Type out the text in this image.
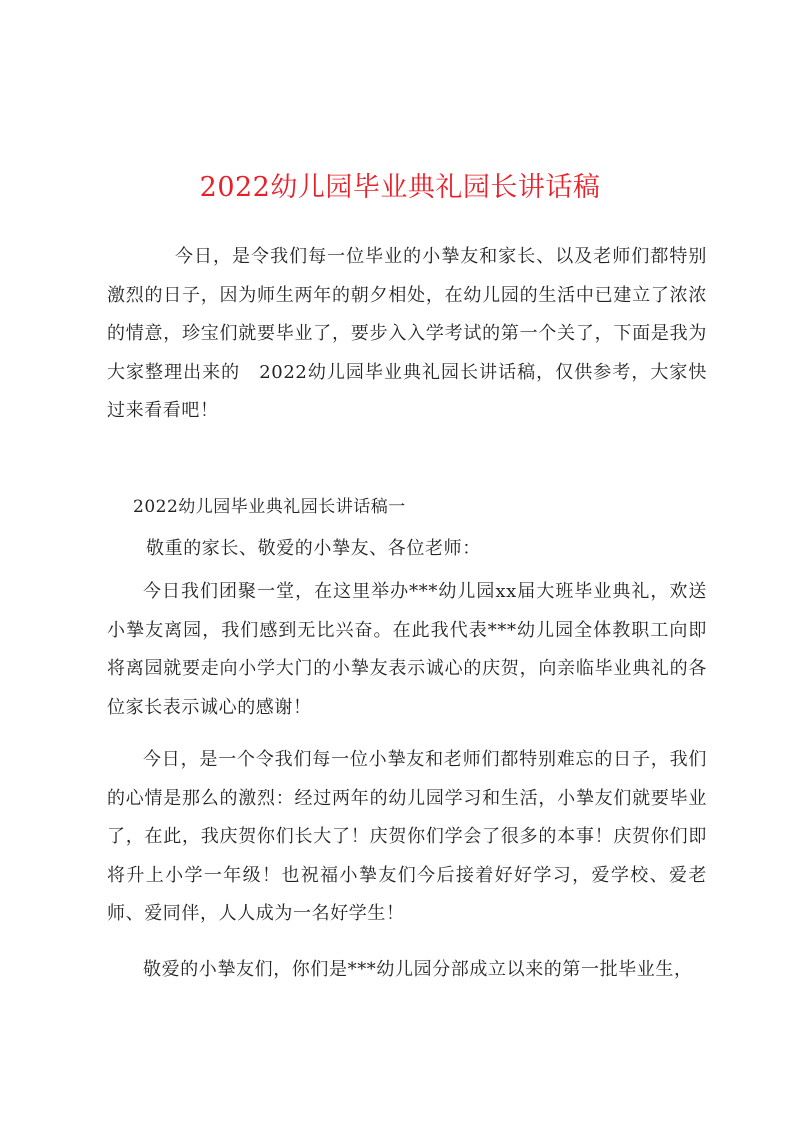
2022幼儿园毕业典礼园长讲话稿

今日，是令我们每一位毕业的小摯友和家长、以及老师们都特别激烈的日子，因为师生两年的朝夕相处，在幼儿园的生活中已建立了浓浓的情意，珍宝们就要毕业了，要步入入学考试的第一个关了，下面是我为大家整理出来的　2022幼儿园毕业典礼园长讲话稿，仅供参考，大家快过来看看吧！

2022幼儿园毕业典礼园长讲话稿一
敬重的家长、敬爱的小摯友、各位老师：

今日我们团聚一堂，在这里举办***幼儿园xx届大班毕业典礼，欢送小摯友离园，我们感到无比兴奋。在此我代表***幼儿园全体教职工向即将离园就要走向小学大门的小摯友表示诚心的庆贺，向亲临毕业典礼的各位家长表示诚心的感谢！

今日，是一个令我们每一位小摯友和老师们都特别难忘的日子，我们的心情是那么的激烈：经过两年的幼儿园学习和生活，小摯友们就要毕业了，在此，我庆贺你们长大了！庆贺你们学会了很多的本事！庆贺你们即将升上小学一年级！也祝福小摯友们今后接着好好学习，爱学校、爱老师、爱同伴，人人成为一名好学生！

敬爱的小摯友们，你们是***幼儿园分部成立以来的第一批毕业生，
